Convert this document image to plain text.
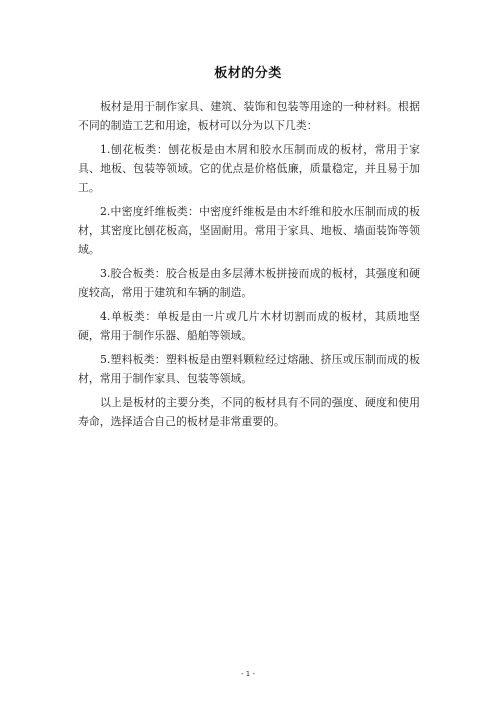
板材的分类

板材是用于制作家具、建筑、装饰和包装等用途的一种材料。根据不同的制造工艺和用途，板材可以分为以下几类：

1.刨花板类：刨花板是由木屑和胶水压制而成的板材，常用于家具、地板、包装等领域。它的优点是价格低廉，质量稳定，并且易于加工。

2.中密度纤维板类：中密度纤维板是由木纤维和胶水压制而成的板材，其密度比刨花板高，坚固耐用。常用于家具、地板、墙面装饰等领域。

3.胶合板类：胶合板是由多层薄木板拼接而成的板材，其强度和硬度较高，常用于建筑和车辆的制造。

4.单板类：单板是由一片或几片木材切割而成的板材，其质地坚硬，常用于制作乐器、船舶等领域。

5.塑料板类：塑料板是由塑料颗粒经过熔融、挤压或压制而成的板材，常用于制作家具、包装等领域。

以上是板材的主要分类，不同的板材具有不同的强度、硬度和使用寿命，选择适合自己的板材是非常重要的。

- 1 -
